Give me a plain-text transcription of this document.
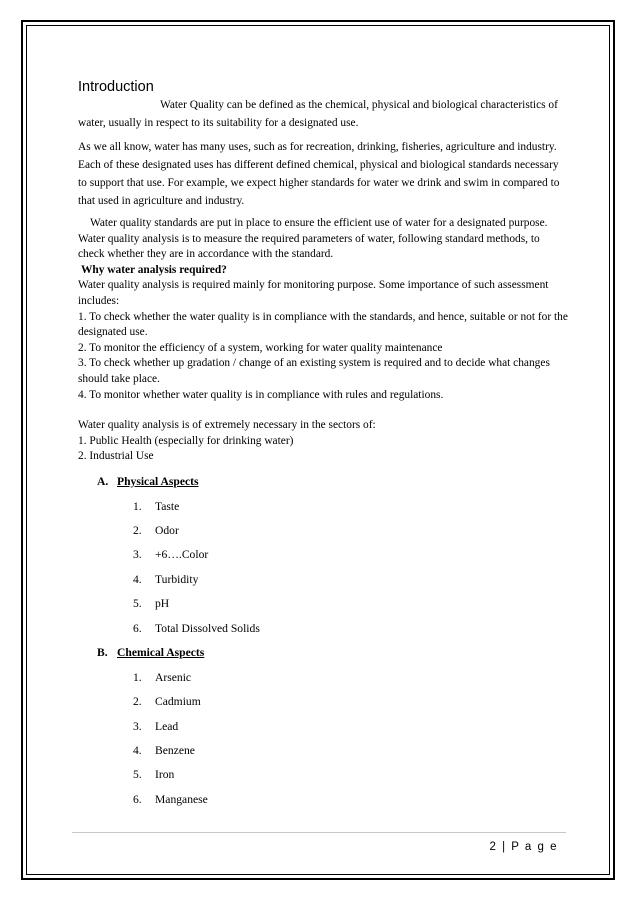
Introduction

Water Quality can be defined as the chemical, physical and biological characteristics of water, usually in respect to its suitability for a designated use.

As we all know, water has many uses, such as for recreation, drinking, fisheries, agriculture and industry. Each of these designated uses has different defined chemical, physical and biological standards necessary to support that use. For example, we expect higher standards for water we drink and swim in compared to that used in agriculture and industry.

Water quality standards are put in place to ensure the efficient use of water for a designated purpose. Water quality analysis is to measure the required parameters of water, following standard methods, to check whether they are in accordance with the standard.

Why water analysis required?

Water quality analysis is required mainly for monitoring purpose. Some importance of such assessment includes:

1. To check whether the water quality is in compliance with the standards, and hence, suitable or not for the designated use.

2. To monitor the efficiency of a system, working for water quality maintenance

3. To check whether up gradation / change of an existing system is required and to decide what changes should take place.

4. To monitor whether water quality is in compliance with rules and regulations.

Water quality analysis is of extremely necessary in the sectors of:

1. Public Health (especially for drinking water)

2. Industrial Use

A. Physical Aspects
1. Taste
2. Odor
3. +6….Color
4. Turbidity
5. pH
6. Total Dissolved Solids
B. Chemical Aspects
1. Arsenic
2. Cadmium
3. Lead
4. Benzene
5. Iron
6. Manganese
2 | P a g e
